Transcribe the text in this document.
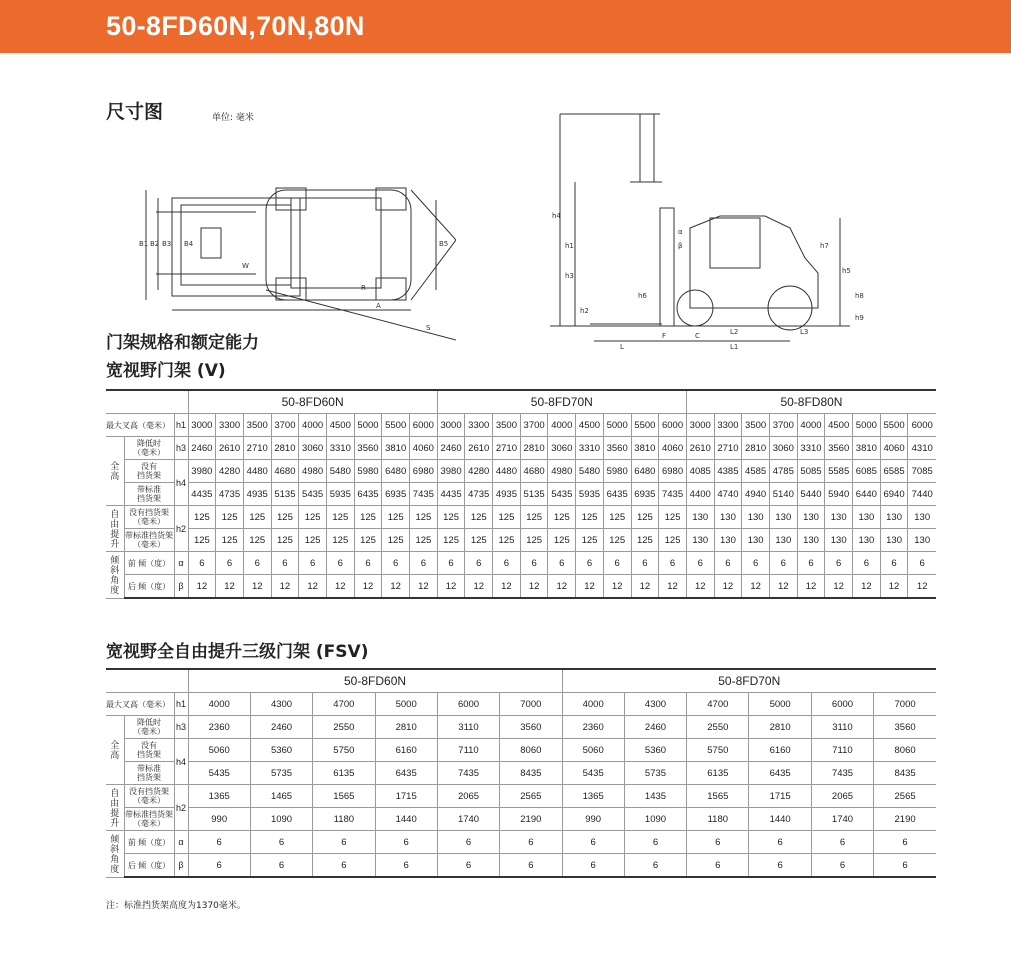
50-8FD60N,70N,80N
尺寸图	单位: 毫米
B1 B2 B3 B4	B5
W
R
A
S
h4
h1
h3
h7
h5
h6	h8
h9
h2
α
β
F	C	L2	L3
L	L1
门架规格和额定能力
宽视野门架 (V)
			50-8FD60N									50-8FD70N									50-8FD80N								
最大叉高（毫米）		h1	3000	3300	3500	3700	4000	4500	5000	5500	6000	3000	3300	3500	3700	4000	4500	5000	5500	6000	3000	3300	3500	3700	4000	4500	5000	5500	6000
全
高	降低时
（毫米）	h3	2460	2610	2710	2810	3060	3310	3560	3810	4060	2460	2610	2710	2810	3060	3310	3560	3810	4060	2610	2710	2810	3060	3310	3560	3810	4060	4310
	没有
挡货架	h4	3980	4280	4480	4680	4980	5480	5980	6480	6980	3980	4280	4480	4680	4980	5480	5980	6480	6980	4085	4385	4585	4785	5085	5585	6085	6585	7085
	带标准
挡货架		4435	4735	4935	5135	5435	5935	6435	6935	7435	4435	4735	4935	5135	5435	5935	6435	6935	7435	4400	4740	4940	5140	5440	5940	6440	6940	7440
自
由
提
升	没有挡货架
（毫米）	h2	125	125	125	125	125	125	125	125	125	125	125	125	125	125	125	125	125	125	130	130	130	130	130	130	130	130	130
	带标准挡货架
（毫米）		125	125	125	125	125	125	125	125	125	125	125	125	125	125	125	125	125	125	130	130	130	130	130	130	130	130	130
倾
斜
角
度	前 倾（度）	α	6	6	6	6	6	6	6	6	6	6	6	6	6	6	6	6	6	6	6	6	6	6	6	6	6	6	6
	后 倾（度）	β	12	12	12	12	12	12	12	12	12	12	12	12	12	12	12	12	12	12	12	12	12	12	12	12	12	12	12
宽视野全自由提升三级门架 (FSV)
			50-8FD60N						50-8FD70N					
最大叉高（毫米）		h1	4000	4300	4700	5000	6000	7000	4000	4300	4700	5000	6000	7000
全
高	降低时
（毫米）	h3	2360	2460	2550	2810	3110	3560	2360	2460	2550	2810	3110	3560
	没有
挡货架	h4	5060	5360	5750	6160	7110	8060	5060	5360	5750	6160	7110	8060
	带标准
挡货架		5435	5735	6135	6435	7435	8435	5435	5735	6135	6435	7435	8435
自
由
提
升	没有挡货架
（毫米）	h2	1365	1465	1565	1715	2065	2565	1365	1435	1565	1715	2065	2565
	带标准挡货架
（毫米）		990	1090	1180	1440	1740	2190	990	1090	1180	1440	1740	2190
倾
斜
角
度	前 倾（度）	α	6	6	6	6	6	6	6	6	6	6	6	6
	后 倾（度）	β	6	6	6	6	6	6	6	6	6	6	6	6
注：标准挡货架高度为1370毫米。
